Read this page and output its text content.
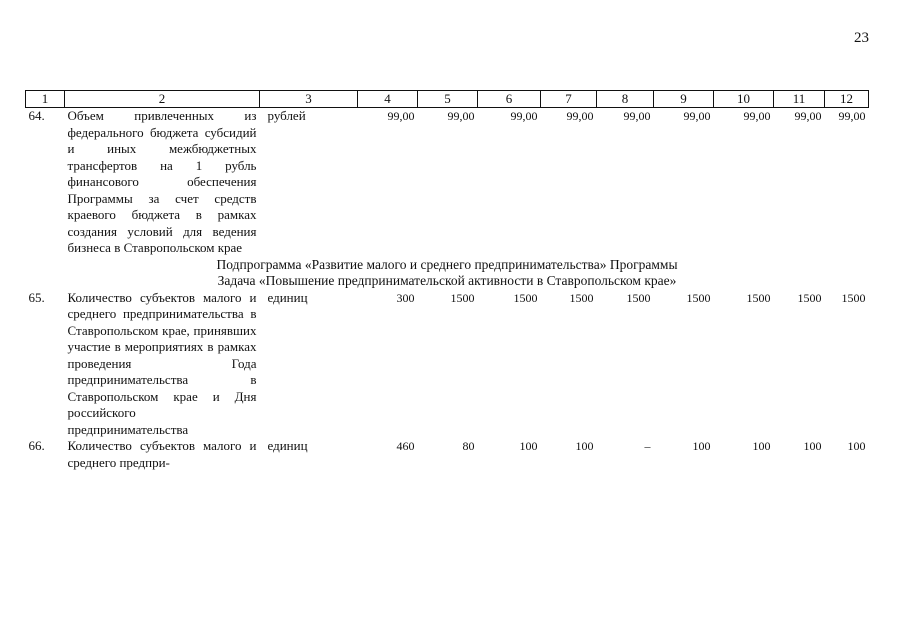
23
1	2	3	4	5	6	7	8	9	10	11	12
64.	Объем привлеченных из федерального бюджета субсидий и иных межбюджетных трансфертов на 1 рубль финансового обеспечения Программы за счет средств краевого бюджета в рамках создания условий для ведения бизнеса в Ставропольском крае	рублей	99,00	99,00	99,00	99,00	99,00	99,00	99,00	99,00	99,00
Подпрограмма «Развитие малого и среднего предпринимательства» Программы											
Задача «Повышение предпринимательской активности в Ставропольском крае»											
65.	Количество субъектов малого и среднего предпринимательства в Ставропольском крае, принявших участие в мероприятиях в рамках проведения Года предпринимательства в Ставропольском крае и Дня российского предпринимательства	единиц	300	1500	1500	1500	1500	1500	1500	1500	1500
66.	Количество субъектов малого и среднего предпри-	единиц	460	80	100	100	–	100	100	100	100
